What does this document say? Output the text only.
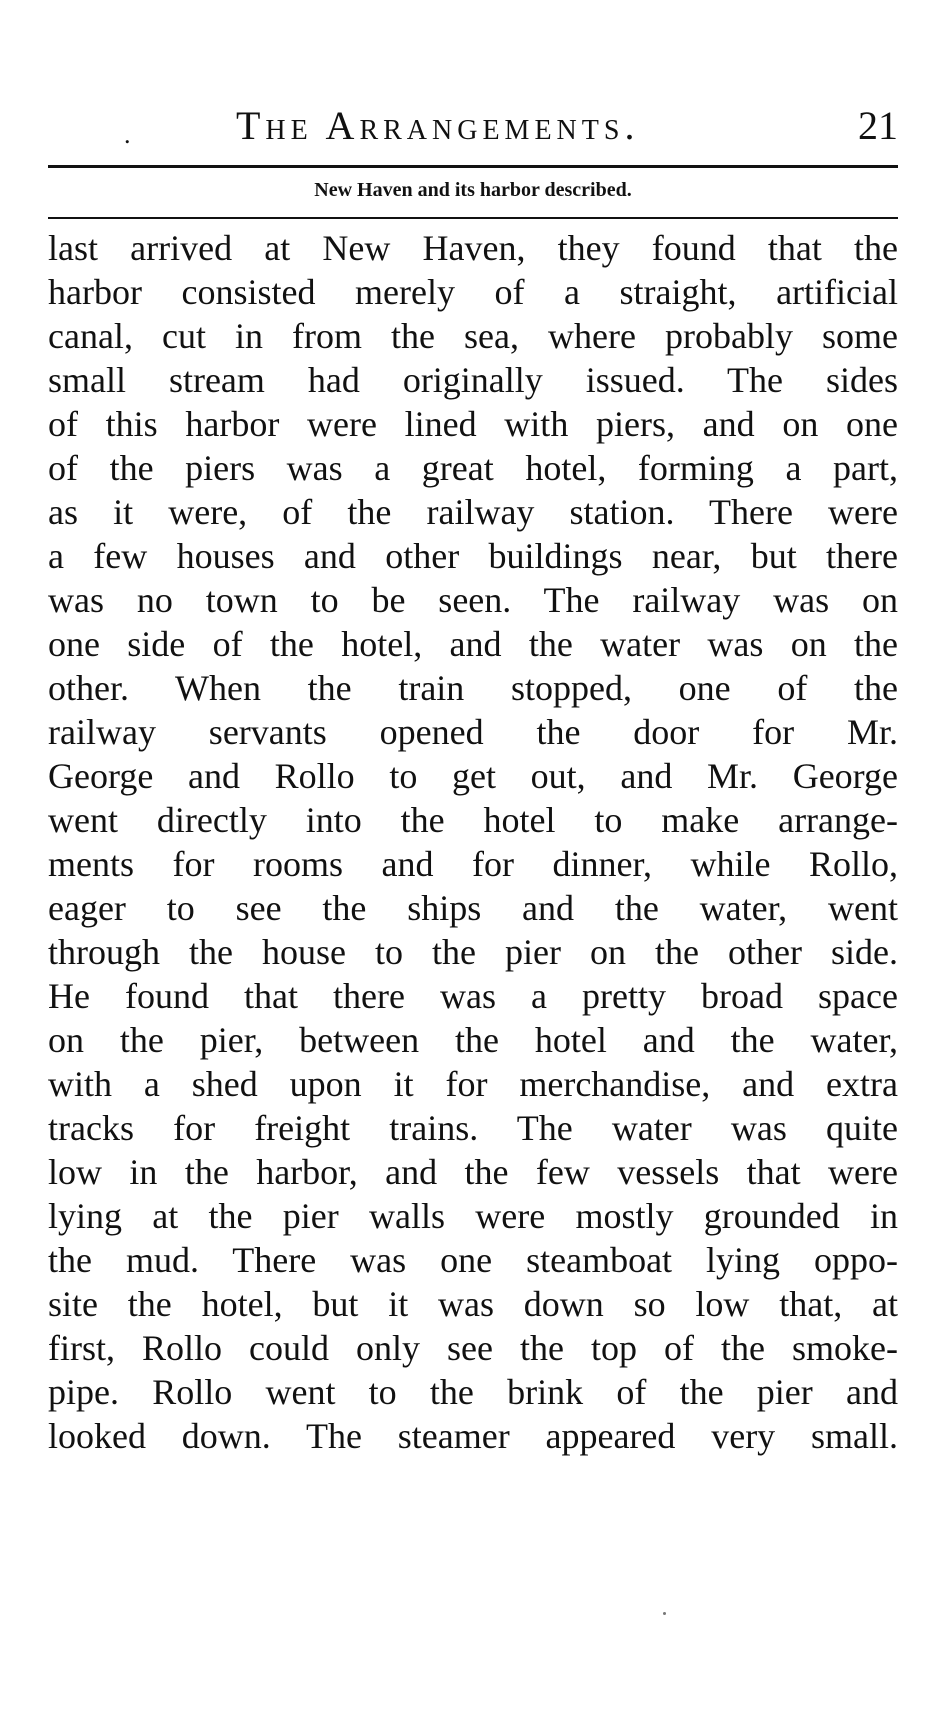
.	The Arrangements.	21
New Haven and its harbor described.
last arrived at New Haven, they found that the
harbor consisted merely of a straight, artificial
canal, cut in from the sea, where probably some
small stream had originally issued. The sides
of this harbor were lined with piers, and on one
of the piers was a great hotel, forming a part,
as it were, of the railway station. There were
a few houses and other buildings near, but there
was no town to be seen. The railway was on
one side of the hotel, and the water was on the
other. When the train stopped, one of the
railway servants opened the door for Mr.
George and Rollo to get out, and Mr. George
went directly into the hotel to make arrange-
ments for rooms and for dinner, while Rollo,
eager to see the ships and the water, went
through the house to the pier on the other side.
He found that there was a pretty broad space
on the pier, between the hotel and the water,
with a shed upon it for merchandise, and extra
tracks for freight trains. The water was quite
low in the harbor, and the few vessels that were
lying at the pier walls were mostly grounded in
the mud. There was one steamboat lying oppo-
site the hotel, but it was down so low that, at
first, Rollo could only see the top of the smoke-
pipe. Rollo went to the brink of the pier and
looked down. The steamer appeared very small.
